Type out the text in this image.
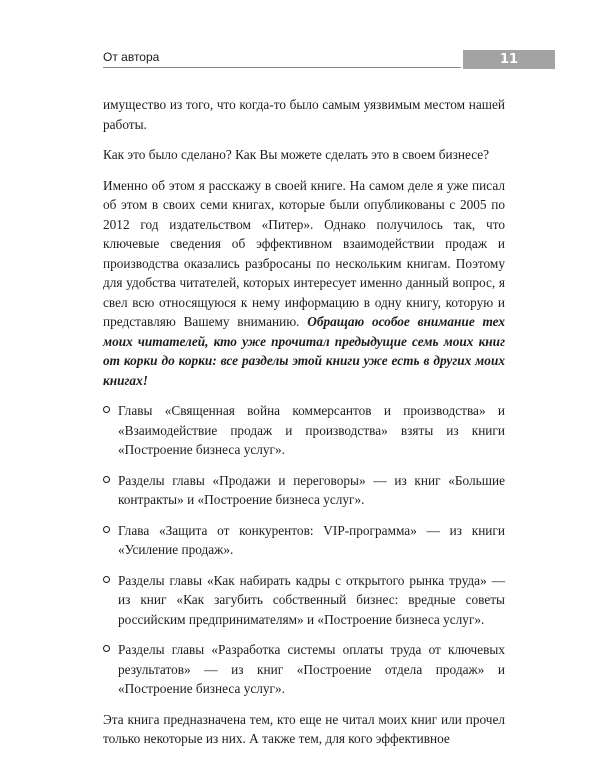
От автора	11

имущество из того, что когда-то было самым уязвимым местом нашей работы.

Как это было сделано? Как Вы можете сделать это в своем бизнесе?

Именно об этом я расскажу в своей книге. На самом деле я уже писал об этом в своих семи книгах, которые были опубликованы с 2005 по 2012 год издательством «Питер». Однако получилось так, что ключевые сведения об эффективном взаимодействии продаж и производства оказались разбросаны по нескольким книгам. Поэтому для удобства читателей, которых интересует именно данный вопрос, я свел всю относящуюся к нему информацию в одну книгу, которую и представляю Вашему вниманию. Обращаю особое внимание тех моих читателей, кто уже прочитал предыдущие семь моих книг от корки до корки: все разделы этой книги уже есть в других моих книгах!

Главы «Священная война коммерсантов и производства» и «Взаимодействие продаж и производства» взяты из книги «Построение бизнеса услуг».
Разделы главы «Продажи и переговоры» — из книг «Большие контракты» и «Построение бизнеса услуг».
Глава «Защита от конкурентов: VIP-программа» — из книги «Усиление продаж».
Разделы главы «Как набирать кадры с открытого рынка труда» — из книг «Как загубить собственный бизнес: вредные советы российским предпринимателям» и «Построение бизнеса услуг».
Разделы главы «Разработка системы оплаты труда от ключевых результатов» — из книг «Построение отдела продаж» и «Построение бизнеса услуг».

Эта книга предназначена тем, кто еще не читал моих книг или прочел только некоторые из них. А также тем, для кого эффективное
